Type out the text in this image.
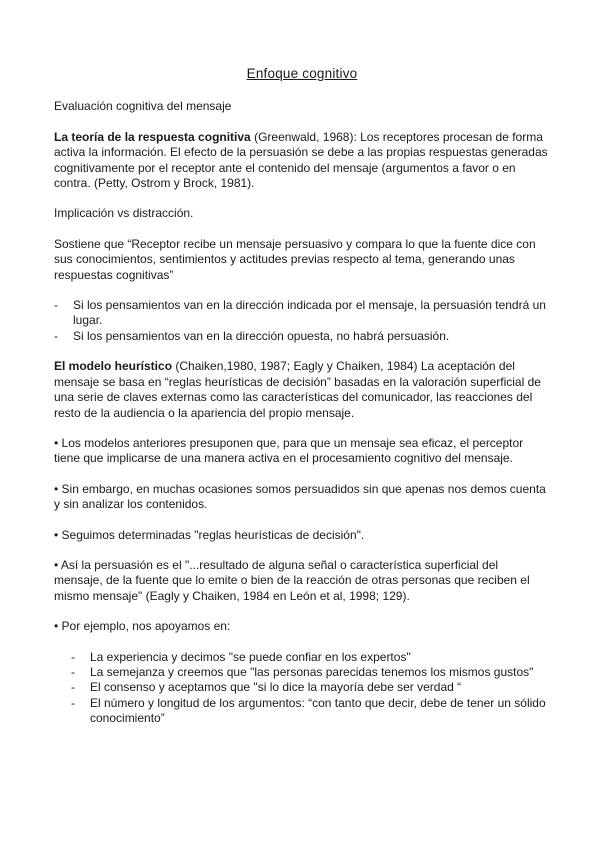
Enfoque cognitivo

Evaluación cognitiva del mensaje

La teoría de la respuesta cognitiva (Greenwald, 1968): Los receptores procesan de forma activa la información. El efecto de la persuasión se debe a las propias respuestas generadas cognitivamente por el receptor ante el contenido del mensaje (argumentos a favor o en contra. (Petty, Ostrom y Brock, 1981).

Implicación vs distracción.

Sostiene que “Receptor recibe un mensaje persuasivo y compara lo que la fuente dice con sus conocimientos, sentimientos y actitudes previas respecto al tema, generando unas respuestas cognitivas”

- Si los pensamientos van en la dirección indicada por el mensaje, la persuasión tendrá un lugar.
- Si los pensamientos van en la dirección opuesta, no habrá persuasión.

El modelo heurístico (Chaiken,1980, 1987; Eagly y Chaiken, 1984) La aceptación del mensaje se basa en “reglas heurísticas de decisión” basadas en la valoración superficial de una serie de claves externas como las características del comunicador, las reacciones del resto de la audiencia o la apariencia del propio mensaje.

• Los modelos anteriores presuponen que, para que un mensaje sea eficaz, el perceptor tiene que implicarse de una manera activa en el procesamiento cognitivo del mensaje.

• Sin embargo, en muchas ocasiones somos persuadidos sin que apenas nos demos cuenta y sin analizar los contenidos.

• Seguimos determinadas "reglas heurísticas de decisión".

• Así la persuasión es el "...resultado de alguna señal o característica superficial del mensaje, de la fuente que lo emite o bien de la reacción de otras personas que reciben el mismo mensaje" (Eagly y Chaiken, 1984 en León et al, 1998; 129).

• Por ejemplo, nos apoyamos en:

- La experiencia y decimos "se puede confiar en los expertos"
- La semejanza y creemos que "las personas parecidas tenemos los mismos gustos"
- El consenso y aceptamos que "si lo dice la mayoría debe ser verdad “
- El número y longitud de los argumentos: “con tanto que decir, debe de tener un sólido conocimiento”
